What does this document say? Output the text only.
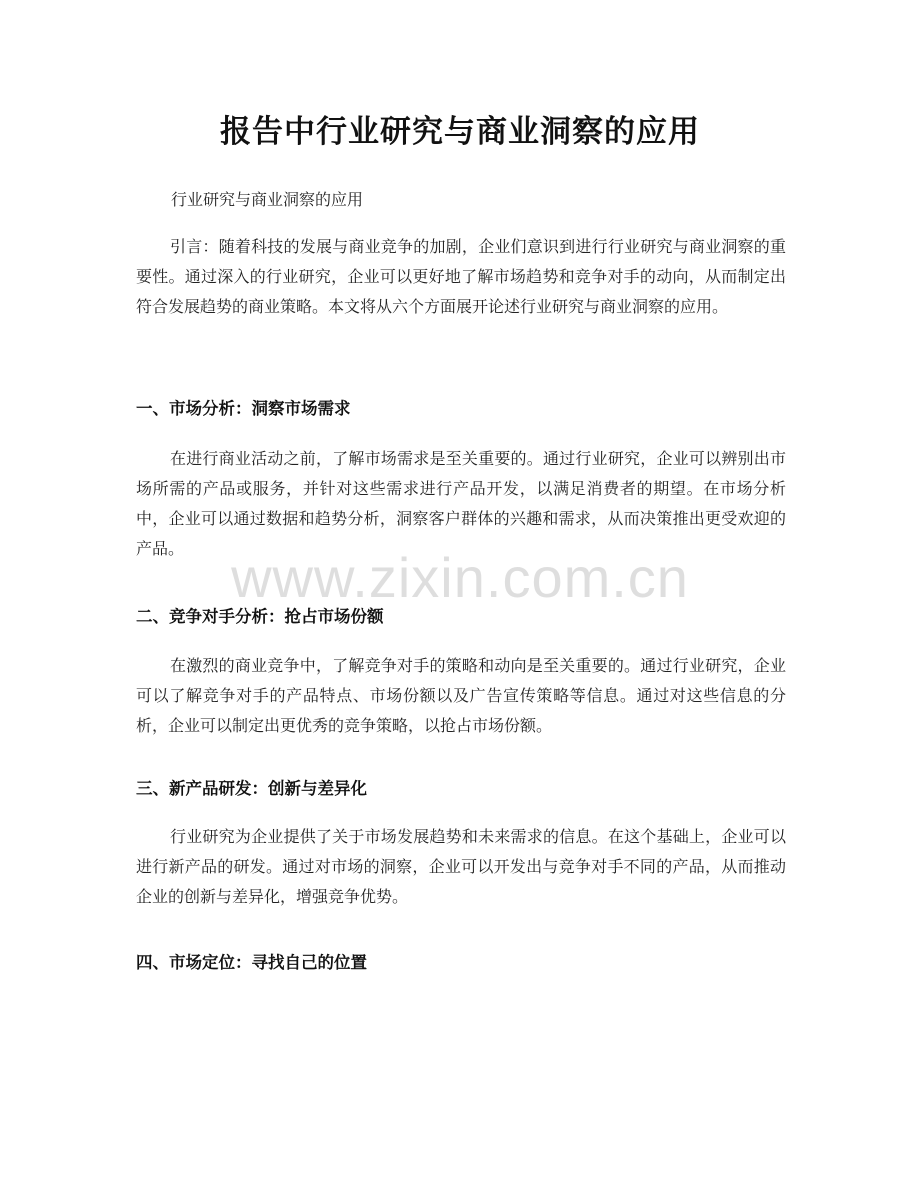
报告中行业研究与商业洞察的应用
行业研究与商业洞察的应用

引言：随着科技的发展与商业竞争的加剧，企业们意识到进行行业研究与商业洞察的重要性。通过深入的行业研究，企业可以更好地了解市场趋势和竞争对手的动向，从而制定出符合发展趋势的商业策略。本文将从六个方面展开论述行业研究与商业洞察的应用。

一、市场分析：洞察市场需求

在进行商业活动之前，了解市场需求是至关重要的。通过行业研究，企业可以辨别出市场所需的产品或服务，并针对这些需求进行产品开发，以满足消费者的期望。在市场分析中，企业可以通过数据和趋势分析，洞察客户群体的兴趣和需求，从而决策推出更受欢迎的产品。

二、竞争对手分析：抢占市场份额

在激烈的商业竞争中，了解竞争对手的策略和动向是至关重要的。通过行业研究，企业可以了解竞争对手的产品特点、市场份额以及广告宣传策略等信息。通过对这些信息的分析，企业可以制定出更优秀的竞争策略，以抢占市场份额。

三、新产品研发：创新与差异化

行业研究为企业提供了关于市场发展趋势和未来需求的信息。在这个基础上，企业可以进行新产品的研发。通过对市场的洞察，企业可以开发出与竞争对手不同的产品，从而推动企业的创新与差异化，增强竞争优势。

四、市场定位：寻找自己的位置
www.zixin.com.cn
